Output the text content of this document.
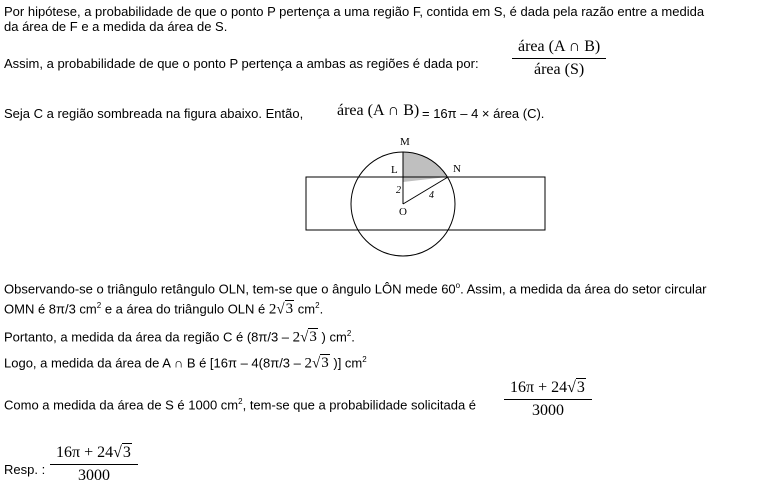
Por hipótese, a probabilidade de que o ponto P pertença a uma região F, contida em S, é dada pela razão entre a medida
da área de F e a medida da área de S.
Assim, a probabilidade de que o ponto P pertença a ambas as regiões é dada por:
área (A ∩ B)
área (S)
Seja C a região sombreada na figura abaixo. Então, área (A ∩ B) = 16π – 4 × área (C).
M
L	N
O
2	4
Observando-se o triângulo retângulo OLN, tem-se que o ângulo LÔN mede 60$^o$. Assim, a medida da área do setor circular
OMN é 8π/3 $cm^2$ e a área do triângulo OLN é 2√3 $cm^2$.
Portanto, a medida da área da região C é (8π/3 – 2√3 ) $cm^2$.
Logo, a medida da área de A ∩ B é [16π – 4(8π/3 – 2√3 )] $cm^2$
Como a medida da área de S é 1000 $cm^2$, tem-se que a probabilidade solicitada é $\frac{16\pi + 24√3}{3000}$
Resp. : $\frac{16\pi + 24√3}{3000}$
